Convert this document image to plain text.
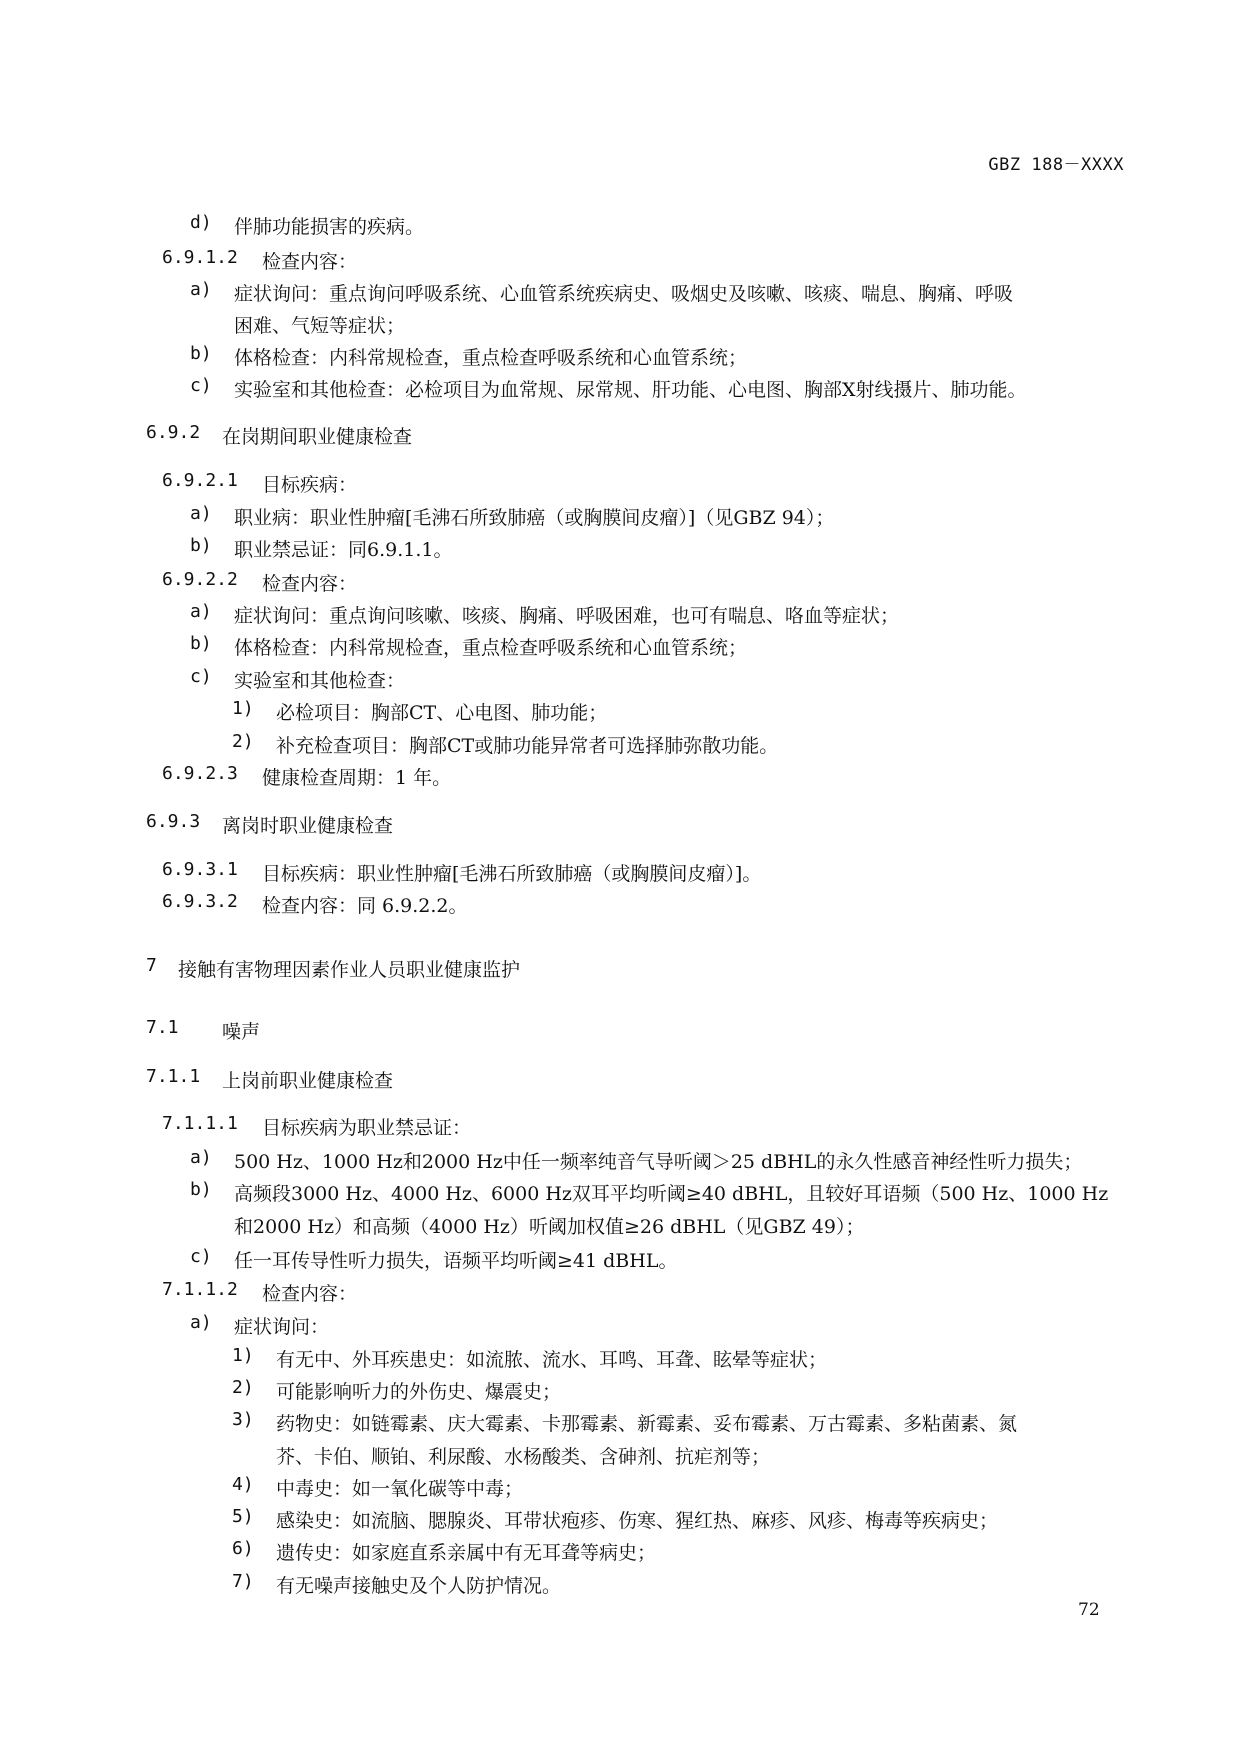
GBZ 188－XXXX
d) 伴肺功能损害的疾病。
6.9.1.2 检查内容：
a) 症状询问：重点询问呼吸系统、心血管系统疾病史、吸烟史及咳嗽、咳痰、喘息、胸痛、呼吸
困难、气短等症状；
b) 体格检查：内科常规检查，重点检查呼吸系统和心血管系统；
c) 实验室和其他检查：必检项目为血常规、尿常规、肝功能、心电图、胸部X射线摄片、肺功能。
6.9.2 在岗期间职业健康检查
6.9.2.1 目标疾病：
a) 职业病：职业性肿瘤[毛沸石所致肺癌（或胸膜间皮瘤）]（见GBZ 94）；
b) 职业禁忌证：同6.9.1.1。
6.9.2.2 检查内容：
a) 症状询问：重点询问咳嗽、咳痰、胸痛、呼吸困难，也可有喘息、咯血等症状；
b) 体格检查：内科常规检查，重点检查呼吸系统和心血管系统；
c) 实验室和其他检查：
1) 必检项目：胸部CT、心电图、肺功能；
2) 补充检查项目：胸部CT或肺功能异常者可选择肺弥散功能。
6.9.2.3 健康检查周期：1 年。
6.9.3 离岗时职业健康检查
6.9.3.1 目标疾病：职业性肿瘤[毛沸石所致肺癌（或胸膜间皮瘤）]。
6.9.3.2 检查内容：同 6.9.2.2。
7 接触有害物理因素作业人员职业健康监护
7.1 噪声
7.1.1 上岗前职业健康检查
7.1.1.1 目标疾病为职业禁忌证：
a) 500 Hz、1000 Hz和2000 Hz中任一频率纯音气导听阈＞25 dBHL的永久性感音神经性听力损失；
b) 高频段3000 Hz、4000 Hz、6000 Hz双耳平均听阈≥40 dBHL，且较好耳语频（500 Hz、1000 Hz
和2000 Hz）和高频（4000 Hz）听阈加权值≥26 dBHL（见GBZ 49）；
c) 任一耳传导性听力损失，语频平均听阈≥41 dBHL。
7.1.1.2 检查内容：
a) 症状询问：
1) 有无中、外耳疾患史：如流脓、流水、耳鸣、耳聋、眩晕等症状；
2) 可能影响听力的外伤史、爆震史；
3) 药物史：如链霉素、庆大霉素、卡那霉素、新霉素、妥布霉素、万古霉素、多粘菌素、氮
芥、卡伯、顺铂、利尿酸、水杨酸类、含砷剂、抗疟剂等；
4) 中毒史：如一氧化碳等中毒；
5) 感染史：如流脑、腮腺炎、耳带状疱疹、伤寒、猩红热、麻疹、风疹、梅毒等疾病史；
6) 遗传史：如家庭直系亲属中有无耳聋等病史；
7) 有无噪声接触史及个人防护情况。
72
